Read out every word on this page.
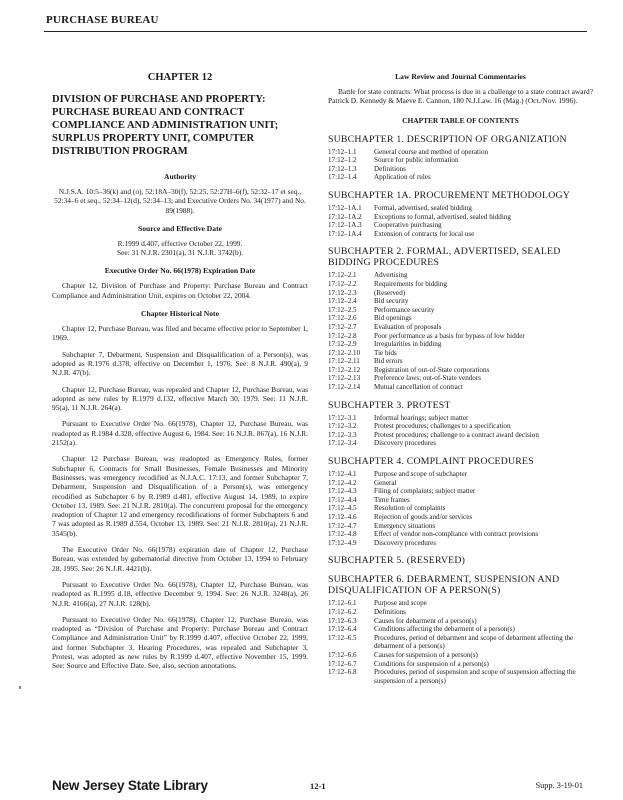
PURCHASE BUREAU
CHAPTER 12
DIVISION OF PURCHASE AND PROPERTY: PURCHASE BUREAU AND CONTRACT COMPLIANCE AND ADMINISTRATION UNIT; SURPLUS PROPERTY UNIT, COMPUTER DISTRIBUTION PROGRAM
Authority
N.J.S.A. 10:5–36(k) and (o), 52:18A–30(f), 52:25, 52:27H–6(f), 52:32–17 et seq., 52:34–6 et seq., 52:34–12(d), 52:34–13; and Executive Orders No. 34(1977) and No. 89(1988).
Source and Effective Date
R.1999 d.407, effective October 22, 1999.
See: 31 N.J.R. 2301(a), 31 N.J.R. 3742(b).
Executive Order No. 66(1978) Expiration Date
Chapter 12, Division of Purchase and Property: Purchase Bureau and Contract Compliance and Administration Unit, expires on October 22, 2004.
Chapter Historical Note
Chapter 12, Purchase Bureau, was filed and became effective prior to September 1, 1969.
Subchapter 7, Debarment, Suspension and Disqualification of a Person(s), was adopted as R.1976 d.378, effective on December 1, 1976. See: 8 N.J.R. 490(a), 9 N.J.R. 47(b).
Chapter 12, Purchase Bureau, was repealed and Chapter 12, Purchase Bureau, was adopted as new rules by R.1979 d.132, effective March 30, 1979. See: 11 N.J.R. 95(a), 11 N.J.R. 264(a).
Pursuant to Executive Order No. 66(1978), Chapter 12, Purchase Bureau, was readopted as R.1984 d.328, effective August 6, 1984. See: 16 N.J.R. 867(a), 16 N.J.R. 2152(a).
Chapter 12 Purchase Bureau, was readopted as Emergency Rules, former Subchapter 6, Contracts for Small Businesses, Female Businesses and Minority Businesses, was emergency recodified as N.J.A.C. 17:13, and former Subchapter 7, Debarment, Suspension and Disqualification of a Person(s), was emergency recodified as Subchapter 6 by R.1989 d.481, effective August 14, 1989, to expire October 13, 1989. See: 21 N.J.R. 2810(a). The concurrent proposal for the emergency readoption of Chapter 12 and emergency recodifications of former Subchapters 6 and 7 was adopted as R.1989 d.554, October 13, 1989. See: 21 N.J.R. 2810(a), 21 N.J.R. 3545(b).
The Executive Order No. 66(1978) expiration date of Chapter 12, Purchase Bureau, was extended by gubernatorial directive from October 13, 1994 to February 28, 1995. See: 26 N.J.R. 4421(b).
Pursuant to Executive Order No. 66(1978), Chapter 12, Purchase Bureau, was readopted as R.1995 d.18, effective December 9, 1994. See: 26 N.J.R. 3248(a), 26 N.J.R. 4166(a), 27 N.J.R. 128(b).
Pursuant to Executive Order No. 66(1978), Chapter 12, Purchase Bureau, was readopted as “Division of Purchase and Property: Purchase Bureau and Contract Compliance and Administration Unit” by R.1999 d.407, effective October 22, 1999, and former Subchapter 3, Hearing Procedures, was repealed and Subchapter 3, Protest, was adopted as new rules by R.1999 d.407, effective November 15, 1999. See: Source and Effective Date. See, also, section annotations.
Law Review and Journal Commentaries
Battle for state contracts: What process is due in a challenge to a state contract award? Patrick D. Kennedy & Maeve E. Cannon, 180 N.J.Law. 16 (Mag.) (Oct./Nov. 1996).
CHAPTER TABLE OF CONTENTS
SUBCHAPTER 1. DESCRIPTION OF ORGANIZATION
17:12–1.1	General course and method of operation
17:12–1.2	Source for public information
17:12–1.3	Definitions
17:12–1.4	Application of rules
SUBCHAPTER 1A. PROCUREMENT METHODOLOGY
17:12–1A.1	Formal, advertised, sealed bidding
17:12–1A.2	Exceptions to formal, advertised, sealed bidding
17:12–1A.3	Cooperative purchasing
17:12–1A.4	Extension of contracts for local use
SUBCHAPTER 2. FORMAL, ADVERTISED, SEALED BIDDING PROCEDURES
17:12–2.1	Advertising
17:12–2.2	Requirements for bidding
17:12–2.3	(Reserved)
17:12–2.4	Bid security
17:12–2.5	Performance security
17:12–2.6	Bid openings
17:12–2.7	Evaluation of proposals
17:12–2.8	Poor performance as a basis for bypass of low bidder
17:12–2.9	Irregularities in bidding
17:12–2.10	Tie bids
17:12–2.11	Bid errors
17:12–2.12	Registration of out-of-State corporations
17:12–2.13	Preference laws; out-of-State vendors
17:12–2.14	Mutual cancellation of contract
SUBCHAPTER 3. PROTEST
17:12–3.1	Informal hearings; subject matter
17:12–3.2	Protest procedures; challenges to a specification
17:12–3.3	Protest procedures; challenge to a contract award decision
17:12–3.4	Discovery procedures
SUBCHAPTER 4. COMPLAINT PROCEDURES
17:12–4.1	Purpose and scope of subchapter
17:12–4.2	General
17:12–4.3	Filing of complaints; subject matter
17:12–4.4	Time frames
17:12–4.5	Resolution of complaints
17:12–4.6	Rejection of goods and/or services
17:12–4.7	Emergency situations
17:12–4.8	Effect of vendor non-compliance with contract provisions
17:12–4.9	Discovery procedures
SUBCHAPTER 5. (RESERVED)
SUBCHAPTER 6. DEBARMENT, SUSPENSION AND DISQUALIFICATION OF A PERSON(S)
17:12–6.1	Purpose and scope
17:12–6.2	Definitions
17:12–6.3	Causes for debarment of a person(s)
17:12–6.4	Conditions affecting the debarment of a person(s)
17:12–6.5	Procedures, period of debarment and scope of debarment affecting the debarment of a person(s)
17:12–6.6	Causes for suspension of a person(s)
17:12–6.7	Conditions for suspension of a person(s)
17:12–6.8	Procedures, period of suspension and scope of suspension affecting the suspension of a person(s)
New Jersey State Library	12-1	Supp. 3-19-01
